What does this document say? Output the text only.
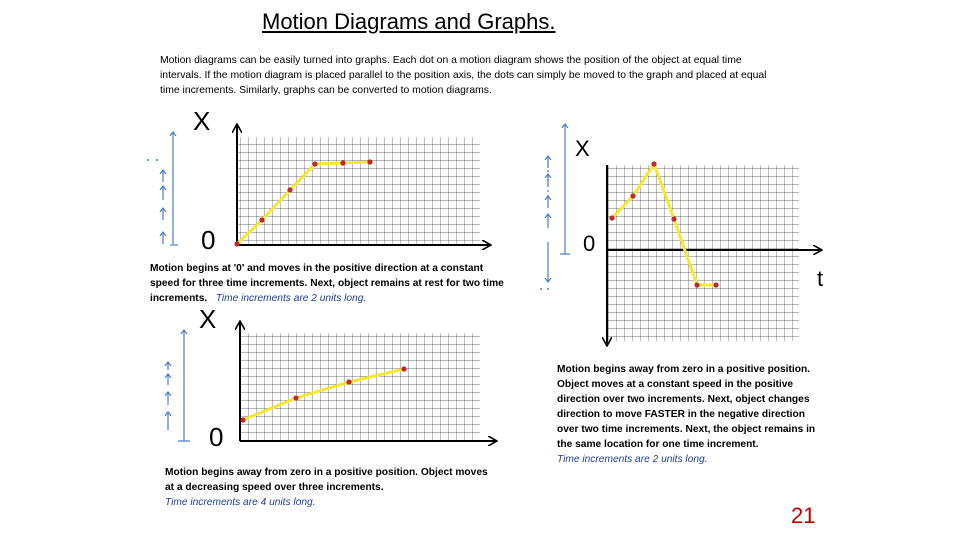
Motion Diagrams and Graphs.
Motion diagrams can be easily turned into graphs. Each dot on a motion diagram shows the position of the object at equal time intervals. If the motion diagram is placed parallel to the position axis, the dots can simply be moved to the graph and placed at equal time increments. Similarly, graphs can be converted to motion diagrams.
X
0
X
0
t
X
0
Motion begins at '0' and moves in the positive direction at a constant speed for three time increments. Next, object remains at rest for two time increments. Time increments are 2 units long.
Motion begins away from zero in a positive position. Object moves at a constant speed in the positive direction over two increments. Next, object changes direction to move FASTER in the negative direction over two time increments. Next, the object remains in the same location for one time increment.
Time increments are 2 units long.
Motion begins away from zero in a positive position. Object moves at a decreasing speed over three increments.
Time increments are 4 units long.
21
